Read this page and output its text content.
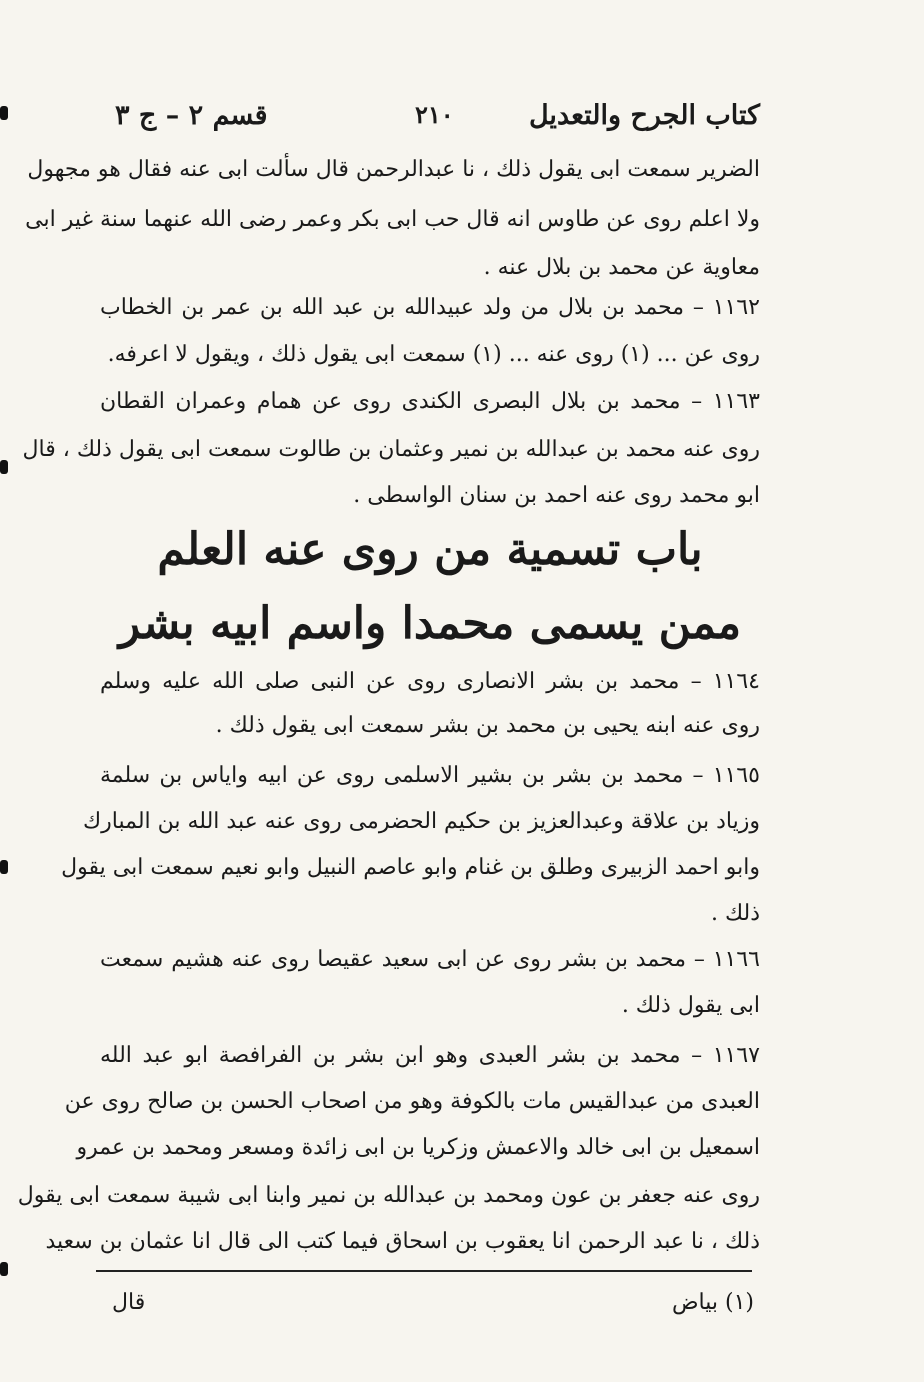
كتاب الجرح والتعديل
٢١٠
قسم ٢ – ج ٣
الضرير سمعت ابى يقول ذلك ، نا عبدالرحمن قال سألت ابى عنه فقال هو مجهول
ولا اعلم روى عن طاوس انه قال حب ابى بكر وعمر رضى الله عنهما سنة غير ابى
معاوية عن محمد بن بلال عنه .
١١٦٢ – محمد بن بلال من ولد عبيدالله بن عبد الله بن عمر بن الخطاب
روى عن ... (١) روى عنه ... (١) سمعت ابى يقول ذلك ، ويقول لا اعرفه.
١١٦٣ – محمد بن بلال البصرى الكندى روى عن همام وعمران القطان
روى عنه محمد بن عبدالله بن نمير وعثمان بن طالوت سمعت ابى يقول ذلك ، قال
ابو محمد روى عنه احمد بن سنان الواسطى .
باب تسمية من روى عنه العلم
ممن يسمى محمدا واسم ابيه بشر
١١٦٤ – محمد بن بشر الانصارى روى عن النبى صلى الله عليه وسلم
روى عنه ابنه يحيى بن محمد بن بشر سمعت ابى يقول ذلك .
١١٦٥ – محمد بن بشر بن بشير الاسلمى روى عن ابيه واياس بن سلمة
وزياد بن علاقة وعبدالعزيز بن حكيم الحضرمى روى عنه عبد الله بن المبارك
وابو احمد الزبيرى وطلق بن غنام وابو عاصم النبيل وابو نعيم سمعت ابى يقول
ذلك .
١١٦٦ – محمد بن بشر روى عن ابى سعيد عقيصا روى عنه هشيم سمعت
ابى يقول ذلك .
١١٦٧ – محمد بن بشر العبدى وهو ابن بشر بن الفرافصة ابو عبد الله
العبدى من عبدالقيس مات بالكوفة وهو من اصحاب الحسن بن صالح روى عن
اسمعيل بن ابى خالد والاعمش وزكريا بن ابى زائدة ومسعر ومحمد بن عمرو
روى عنه جعفر بن عون ومحمد بن عبدالله بن نمير وابنا ابى شيبة سمعت ابى يقول
ذلك ، نا عبد الرحمن انا يعقوب بن اسحاق فيما كتب الى قال انا عثمان بن سعيد
(١) بياض
قال
